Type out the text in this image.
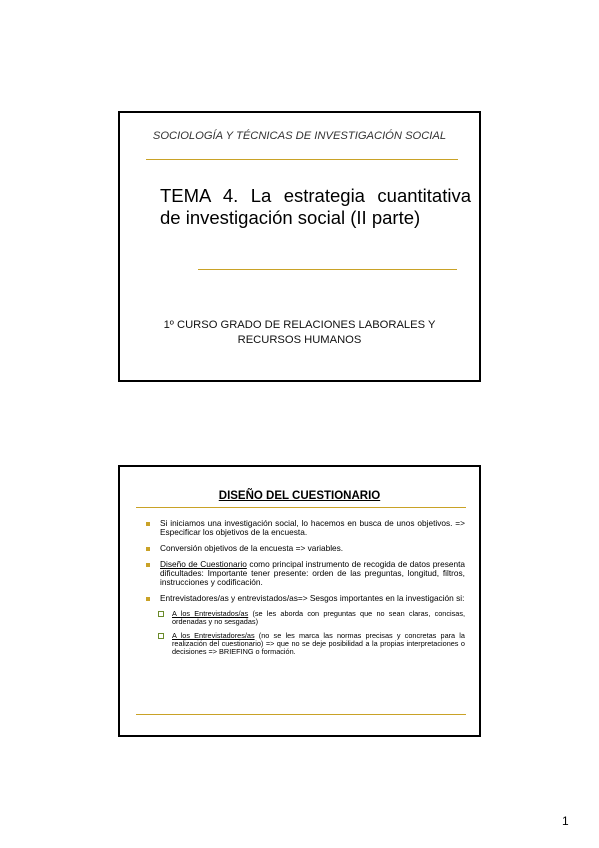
SOCIOLOGÍA Y TÉCNICAS DE INVESTIGACIÓN SOCIAL
TEMA 4. La estrategia cuantitativa
de investigación social (II parte)
1º CURSO GRADO DE RELACIONES LABORALES Y
RECURSOS HUMANOS
DISEÑO DEL CUESTIONARIO
Si iniciamos una investigación social, lo hacemos en busca de unos objetivos. => Especificar los objetivos de la encuesta.
Conversión objetivos de la encuesta => variables.
Diseño de Cuestionario como principal instrumento de recogida de datos presenta dificultades: Importante tener presente: orden de las preguntas, longitud, filtros, instrucciones y codificación.
Entrevistadores/as y entrevistados/as=> Sesgos importantes en la investigación si:
A los Entrevistados/as (se les aborda con preguntas que no sean claras, concisas, ordenadas y no sesgadas)
A los Entrevistadores/as (no se les marca las normas precisas y concretas para la realización del cuestionario) => que no se deje posibilidad a la propias interpretaciones o decisiones => BRIEFING o formación.
1
